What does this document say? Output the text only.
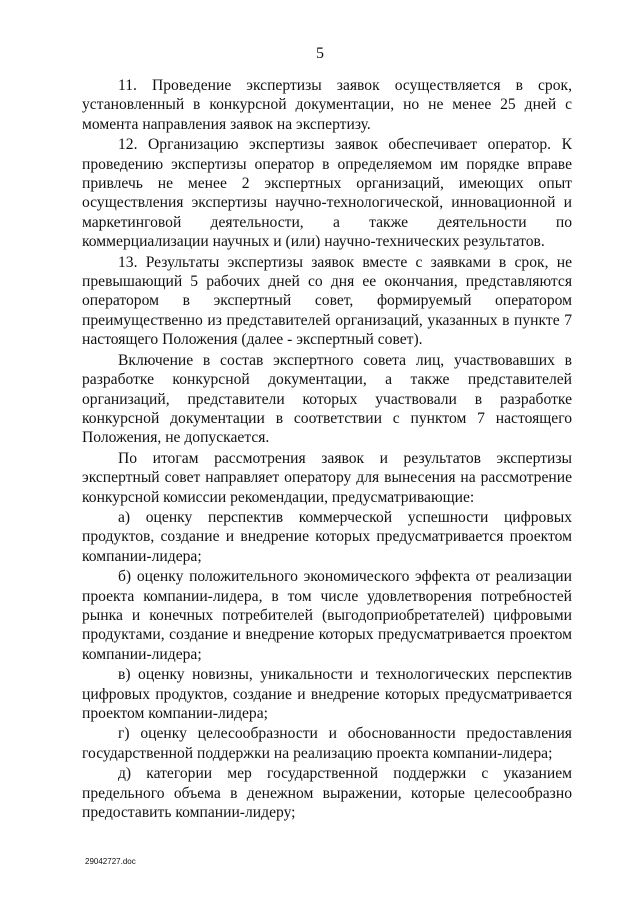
5

11. Проведение экспертизы заявок осуществляется в срок, установленный в конкурсной документации, но не менее 25 дней с момента направления заявок на экспертизу.

12. Организацию экспертизы заявок обеспечивает оператор. К проведению экспертизы оператор в определяемом им порядке вправе привлечь не менее 2 экспертных организаций, имеющих опыт осуществления экспертизы научно-технологической, инновационной и маркетинговой деятельности, а также деятельности по коммерциализации научных и (или) научно-технических результатов.

13. Результаты экспертизы заявок вместе с заявками в срок, не превышающий 5 рабочих дней со дня ее окончания, представляются оператором в экспертный совет, формируемый оператором преимущественно из представителей организаций, указанных в пункте 7 настоящего Положения (далее - экспертный совет).

Включение в состав экспертного совета лиц, участвовавших в разработке конкурсной документации, а также представителей организаций, представители которых участвовали в разработке конкурсной документации в соответствии с пунктом 7 настоящего Положения, не допускается.

По итогам рассмотрения заявок и результатов экспертизы экспертный совет направляет оператору для вынесения на рассмотрение конкурсной комиссии рекомендации, предусматривающие:

а) оценку перспектив коммерческой успешности цифровых продуктов, создание и внедрение которых предусматривается проектом компании-лидера;

б) оценку положительного экономического эффекта от реализации проекта компании-лидера, в том числе удовлетворения потребностей рынка и конечных потребителей (выгодоприобретателей) цифровыми продуктами, создание и внедрение которых предусматривается проектом компании-лидера;

в) оценку новизны, уникальности и технологических перспектив цифровых продуктов, создание и внедрение которых предусматривается проектом компании-лидера;

г) оценку целесообразности и обоснованности предоставления государственной поддержки на реализацию проекта компании-лидера;

д) категории мер государственной поддержки с указанием предельного объема в денежном выражении, которые целесообразно предоставить компании-лидеру;

29042727.doc
